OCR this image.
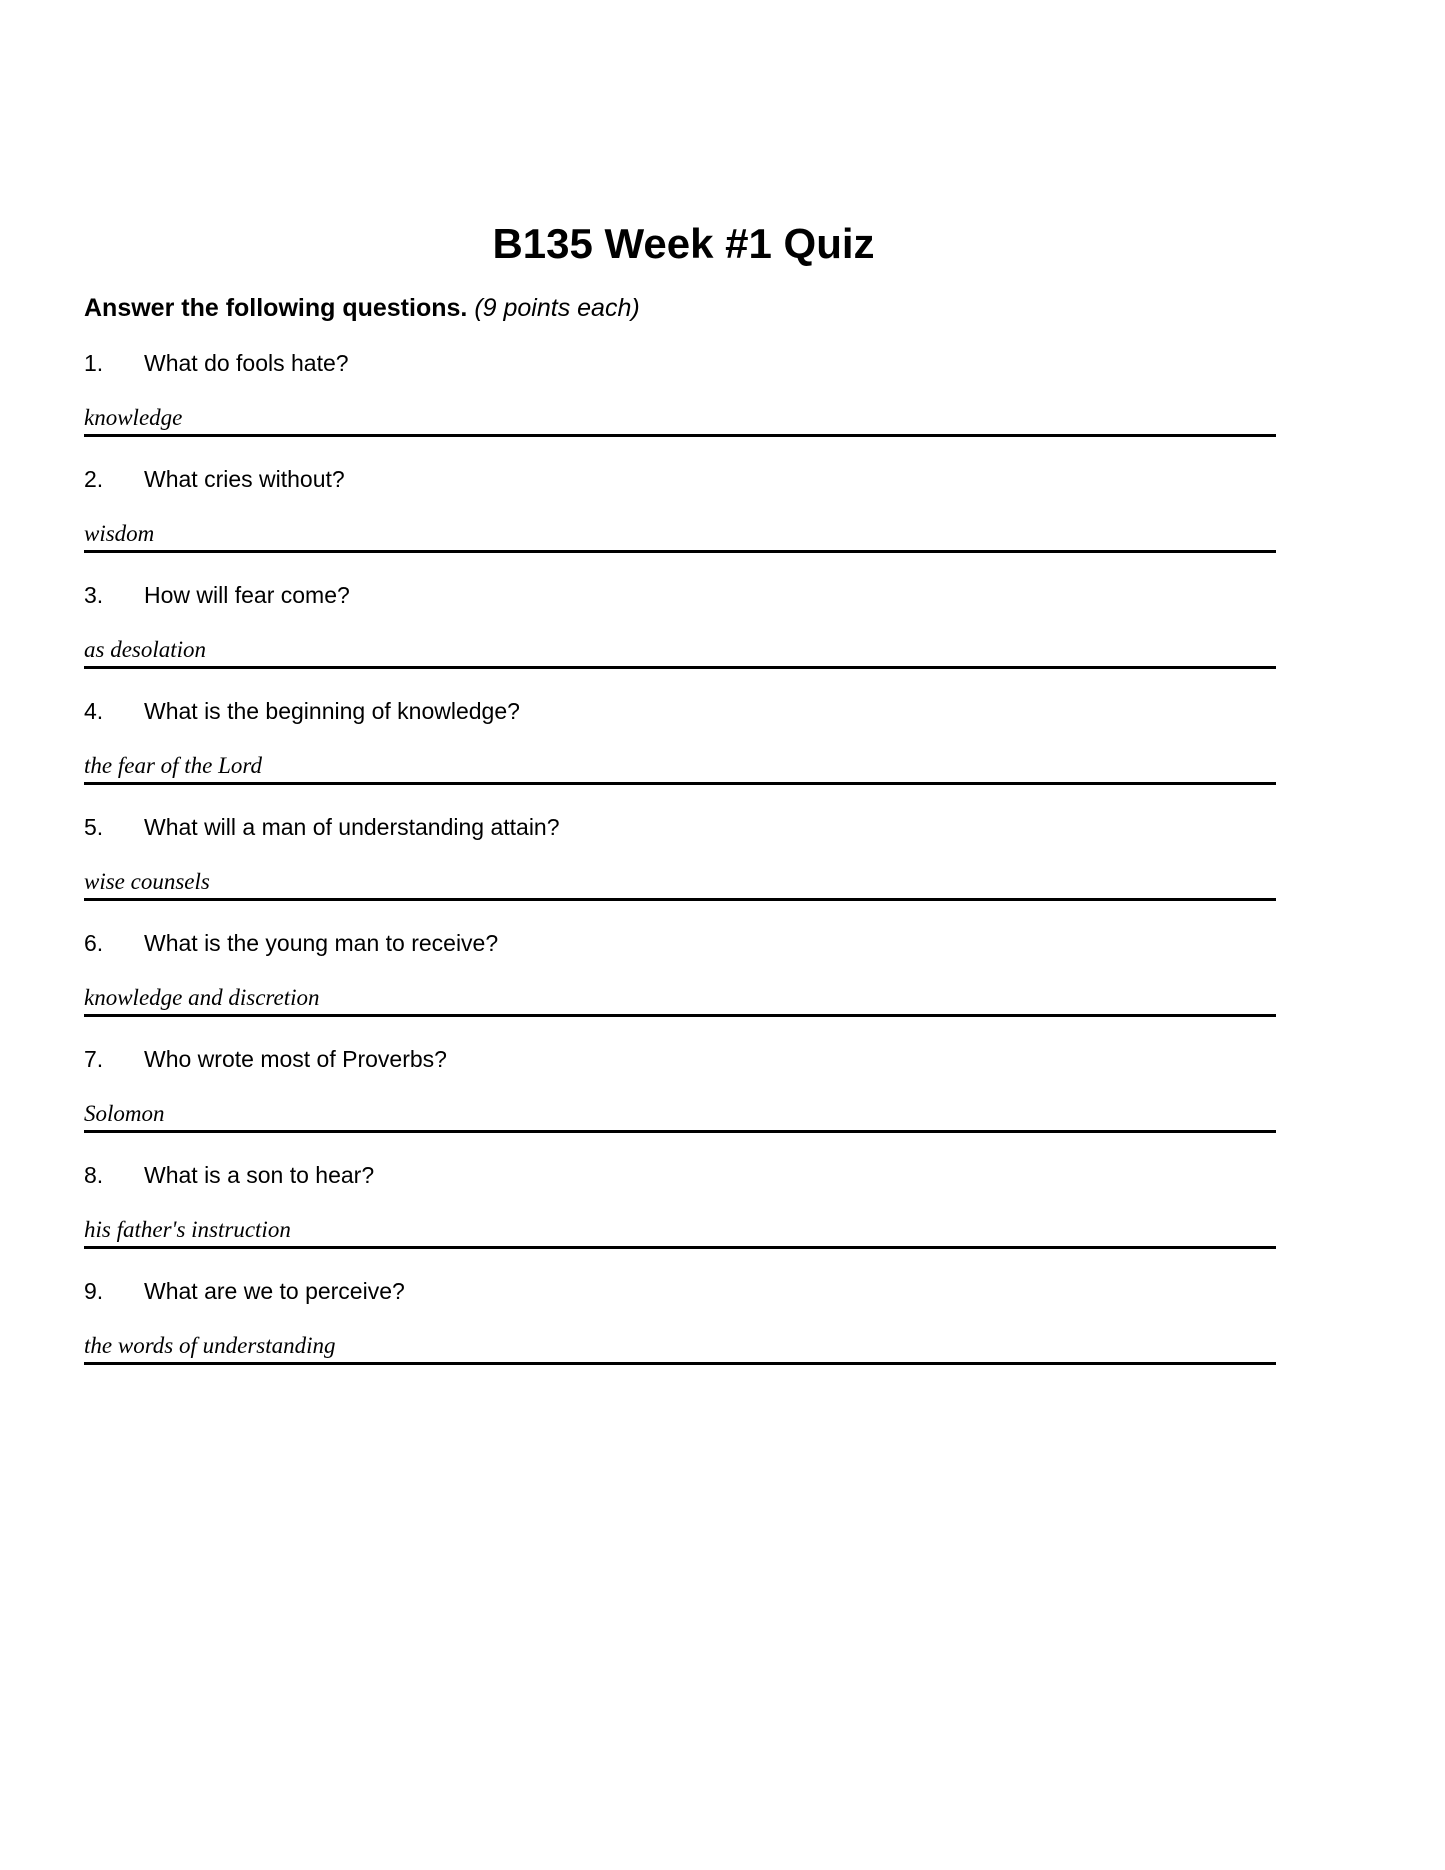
B135 Week #1 Quiz
Answer the following questions. (9 points each)
1. What do fools hate?
knowledge
2. What cries without?
wisdom
3. How will fear come?
as desolation
4. What is the beginning of knowledge?
the fear of the Lord
5. What will a man of understanding attain?
wise counsels
6. What is the young man to receive?
knowledge and discretion
7. Who wrote most of Proverbs?
Solomon
8. What is a son to hear?
his father's instruction
9. What are we to perceive?
the words of understanding
